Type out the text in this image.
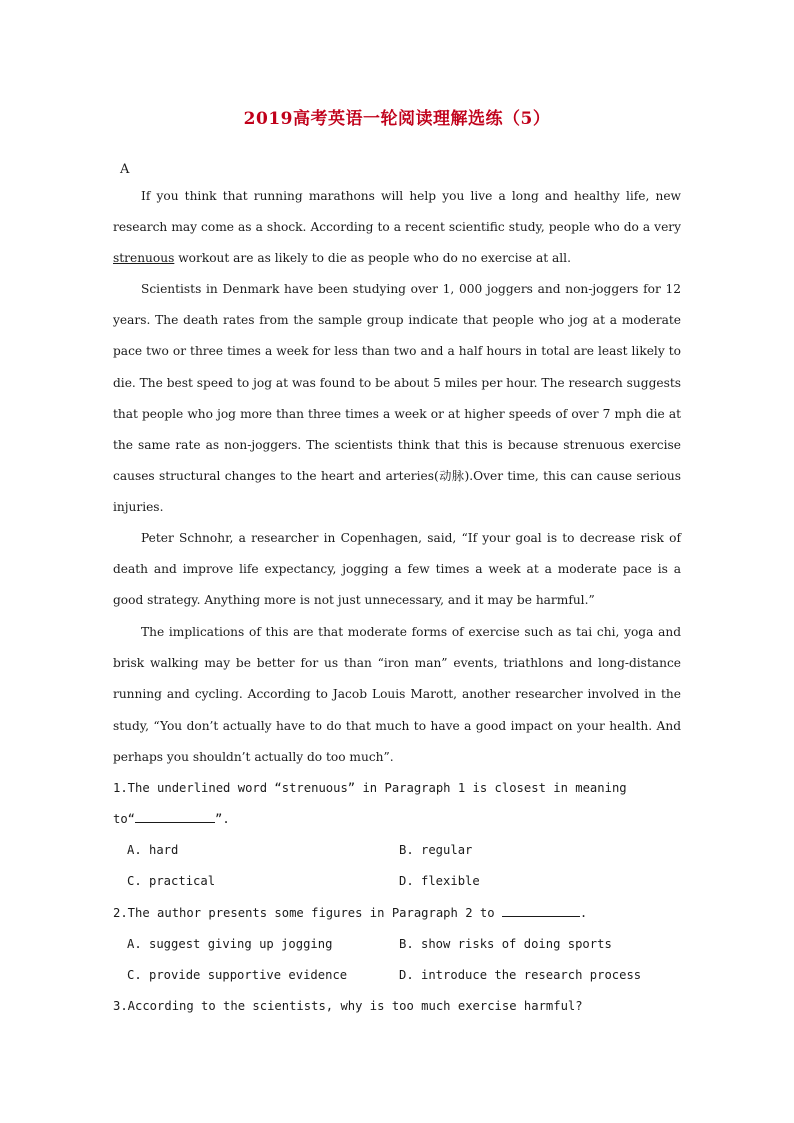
2019高考英语一轮阅读理解选练（5）
A

If you think that running marathons will help you live a long and healthy life, new research may come as a shock. According to a recent scientific study, people who do a very strenuous workout are as likely to die as people who do no exercise at all.

Scientists in Denmark have been studying over 1, 000 joggers and non-joggers for 12 years. The death rates from the sample group indicate that people who jog at a moderate pace two or three times a week for less than two and a half hours in total are least likely to die. The best speed to jog at was found to be about 5 miles per hour. The research suggests that people who jog more than three times a week or at higher speeds of over 7 mph die at the same rate as non-joggers. The scientists think that this is because strenuous exercise causes structural changes to the heart and arteries(动脉).Over time, this can cause serious injuries.

Peter Schnohr, a researcher in Copenhagen, said, “If your goal is to decrease risk of death and improve life expectancy, jogging a few times a week at a moderate pace is a good strategy. Anything more is not just unnecessary, and it may be harmful.”

The implications of this are that moderate forms of exercise such as tai chi, yoga and brisk walking may be better for us than “iron man” events, triathlons and long-distance running and cycling. According to Jacob Louis Marott, another researcher involved in the study, “You don’t actually have to do that much to have a good impact on your health. And perhaps you shouldn’t actually do too much”.

1.The underlined word “strenuous” in Paragraph 1 is closest in meaning
to“	”.
A. hard	B. regular
C. practical	D. flexible
2.The author presents some figures in Paragraph 2 to	.
A. suggest giving up jogging	B. show risks of doing sports
C. provide supportive evidence	D. introduce the research process
3.According to the scientists, why is too much exercise harmful?
